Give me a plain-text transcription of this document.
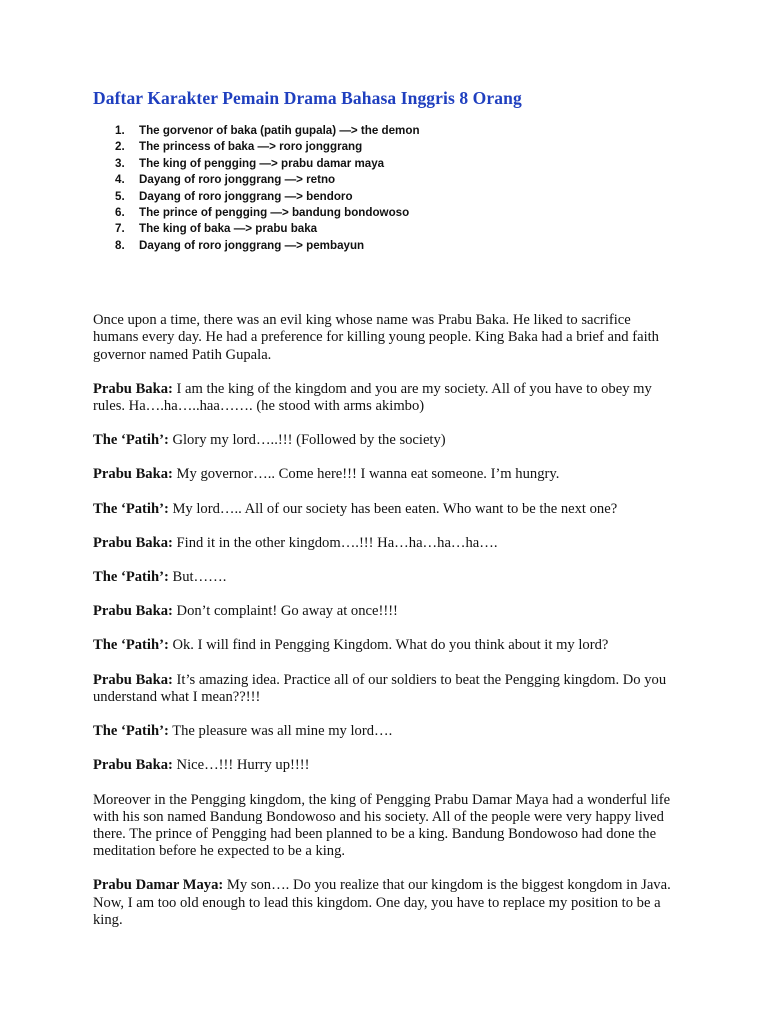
Daftar Karakter Pemain Drama Bahasa Inggris 8 Orang
1.	The gorvenor of baka (patih gupala) —> the demon
2.	The princess of baka —> roro jonggrang
3.	The king of pengging —> prabu damar maya
4.	Dayang of roro jonggrang —> retno
5.	Dayang of roro jonggrang —> bendoro
6.	The prince of pengging —> bandung bondowoso
7.	The king of baka —> prabu baka
8.	Dayang of roro jonggrang —> pembayun

Once upon a time, there was an evil king whose name was Prabu Baka. He liked to sacrifice humans every day. He had a preference for killing young people. King Baka had a brief and faith governor named Patih Gupala.

Prabu Baka: I am the king of the kingdom and you are my society. All of you have to obey my rules. Ha….ha…..haa……. (he stood with arms akimbo)

The ‘Patih’: Glory my lord…..!!! (Followed by the society)

Prabu Baka: My governor….. Come here!!! I wanna eat someone. I’m hungry.

The ‘Patih’: My lord….. All of our society has been eaten. Who want to be the next one?

Prabu Baka: Find it in the other kingdom….!!! Ha…ha…ha…ha….

The ‘Patih’: But…….

Prabu Baka: Don’t complaint! Go away at once!!!!

The ‘Patih’: Ok. I will find in Pengging Kingdom. What do you think about it my lord?

Prabu Baka: It’s amazing idea. Practice all of our soldiers to beat the Pengging kingdom. Do you understand what I mean??!!!

The ‘Patih’: The pleasure was all mine my lord….

Prabu Baka: Nice…!!! Hurry up!!!!

Moreover in the Pengging kingdom, the king of Pengging Prabu Damar Maya had a wonderful life with his son named Bandung Bondowoso and his society. All of the people were very happy lived there. The prince of Pengging had been planned to be a king. Bandung Bondowoso had done the meditation before he expected to be a king.

Prabu Damar Maya: My son…. Do you realize that our kingdom is the biggest kongdom in Java. Now, I am too old enough to lead this kingdom. One day, you have to replace my position to be a king.
